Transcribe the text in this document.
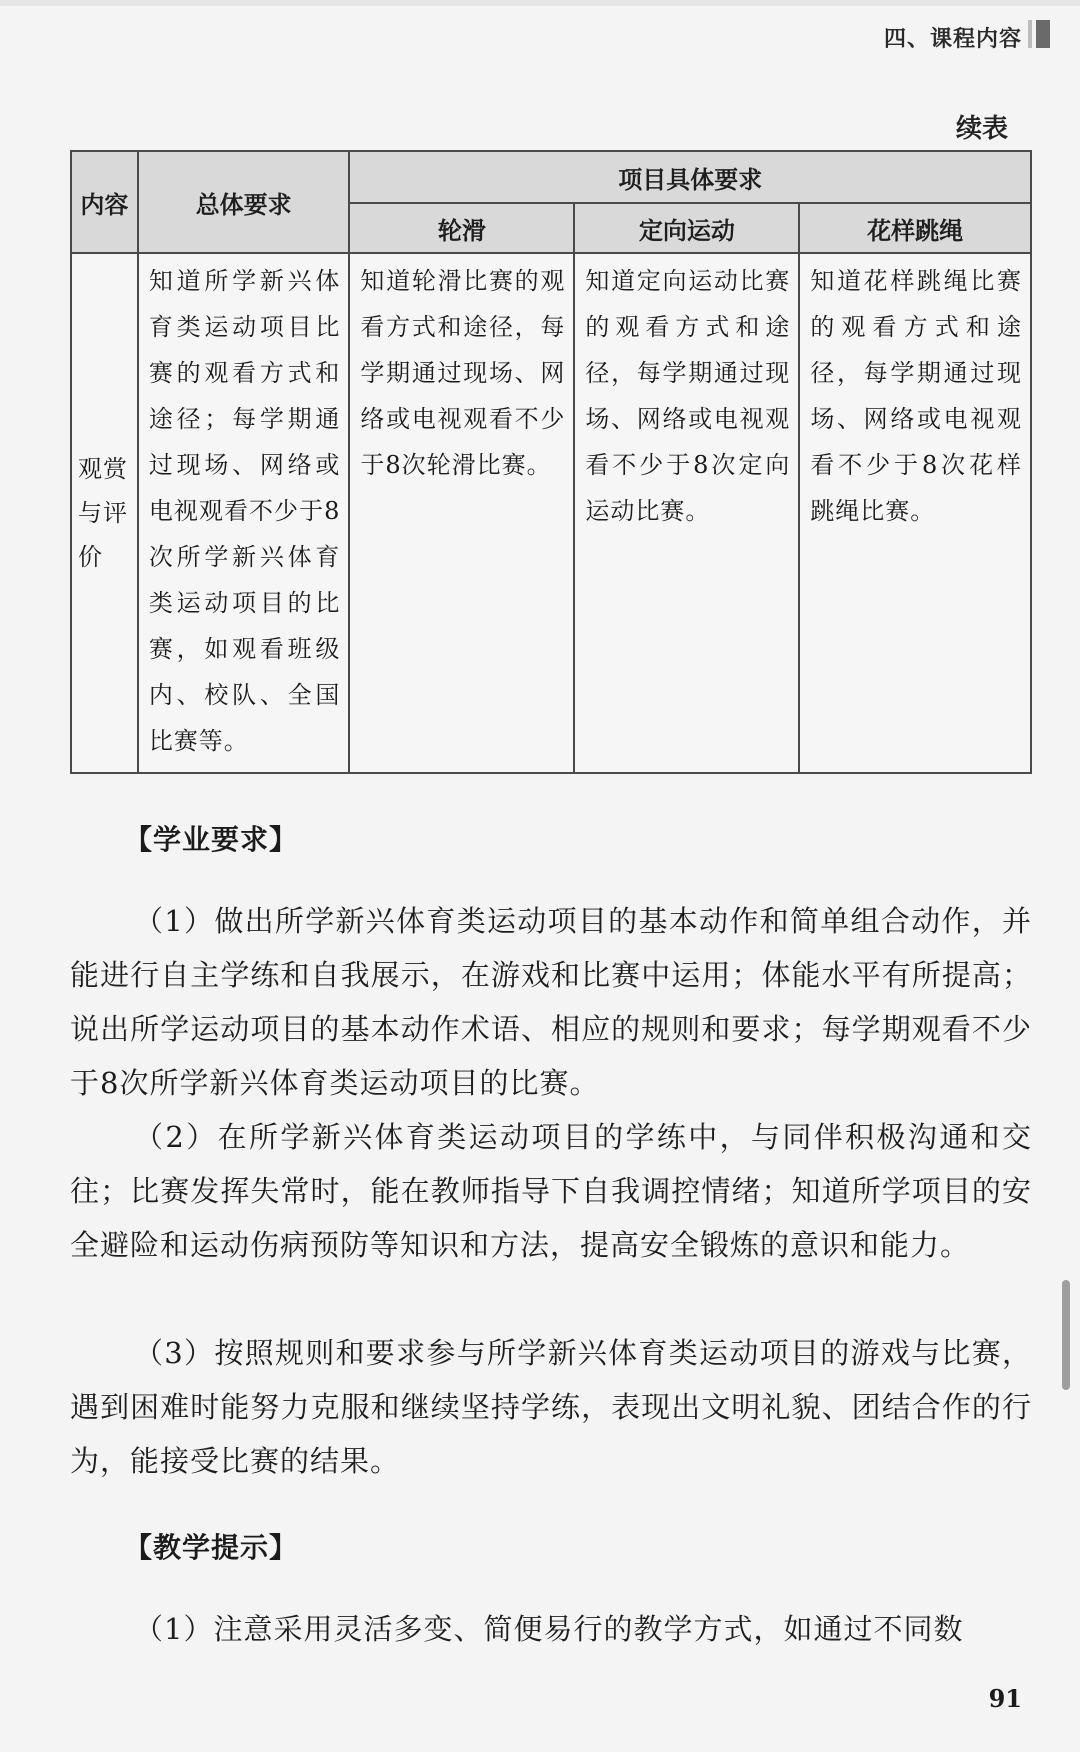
四、课程内容
续表
内容	总体要求	项目具体要求		
		轮滑	定向运动	花样跳绳
观赏与评价	知道所学新兴体育类运动项目比赛的观看方式和途径；每学期通过现场、网络或电视观看不少于8次所学新兴体育类运动项目的比赛，如观看班级内、校队、全国比赛等。	知道轮滑比赛的观看方式和途径，每学期通过现场、网络或电视观看不少于8次轮滑比赛。	知道定向运动比赛的观看方式和途径，每学期通过现场、网络或电视观看不少于8次定向运动比赛。	知道花样跳绳比赛的观看方式和途径，每学期通过现场、网络或电视观看不少于8次花样跳绳比赛。
【学业要求】
（1）做出所学新兴体育类运动项目的基本动作和简单组合动作，并能进行自主学练和自我展示，在游戏和比赛中运用；体能水平有所提高；说出所学运动项目的基本动作术语、相应的规则和要求；每学期观看不少于8次所学新兴体育类运动项目的比赛。
（2）在所学新兴体育类运动项目的学练中，与同伴积极沟通和交往；比赛发挥失常时，能在教师指导下自我调控情绪；知道所学项目的安全避险和运动伤病预防等知识和方法，提高安全锻炼的意识和能力。
（3）按照规则和要求参与所学新兴体育类运动项目的游戏与比赛，遇到困难时能努力克服和继续坚持学练，表现出文明礼貌、团结合作的行为，能接受比赛的结果。
【教学提示】
（1）注意采用灵活多变、简便易行的教学方式，如通过不同数
91
